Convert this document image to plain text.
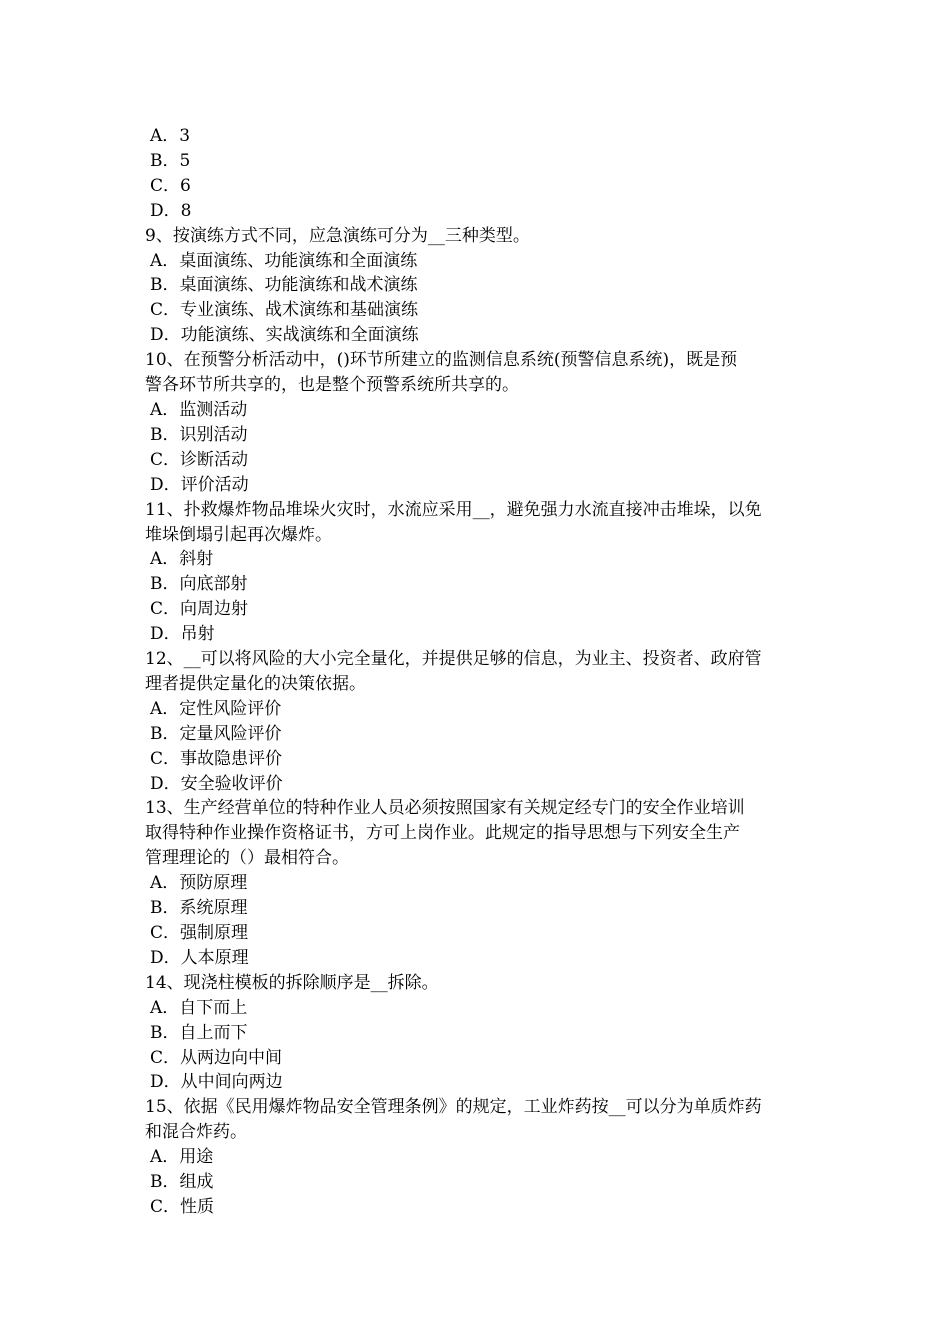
A．3
B．5
C．6
D．8
9、按演练方式不同，应急演练可分为__三种类型。
A．桌面演练、功能演练和全面演练
B．桌面演练、功能演练和战术演练
C．专业演练、战术演练和基础演练
D．功能演练、实战演练和全面演练
10、在预警分析活动中，()环节所建立的监测信息系统(预警信息系统)，既是预
警各环节所共享的，也是整个预警系统所共享的。
A．监测活动
B．识别活动
C．诊断活动
D．评价活动
11、扑救爆炸物品堆垛火灾时，水流应采用__，避免强力水流直接冲击堆垛，以免
堆垛倒塌引起再次爆炸。
A．斜射
B．向底部射
C．向周边射
D．吊射
12、__可以将风险的大小完全量化，并提供足够的信息，为业主、投资者、政府管
理者提供定量化的决策依据。
A．定性风险评价
B．定量风险评价
C．事故隐患评价
D．安全验收评价
13、生产经营单位的特种作业人员必须按照国家有关规定经专门的安全作业培训
取得特种作业操作资格证书，方可上岗作业。此规定的指导思想与下列安全生产
管理理论的（）最相符合。
A．预防原理
B．系统原理
C．强制原理
D．人本原理
14、现浇柱模板的拆除顺序是__拆除。
A．自下而上
B．自上而下
C．从两边向中间
D．从中间向两边
15、依据《民用爆炸物品安全管理条例》的规定，工业炸药按__可以分为单质炸药
和混合炸药。
A．用途
B．组成
C．性质
